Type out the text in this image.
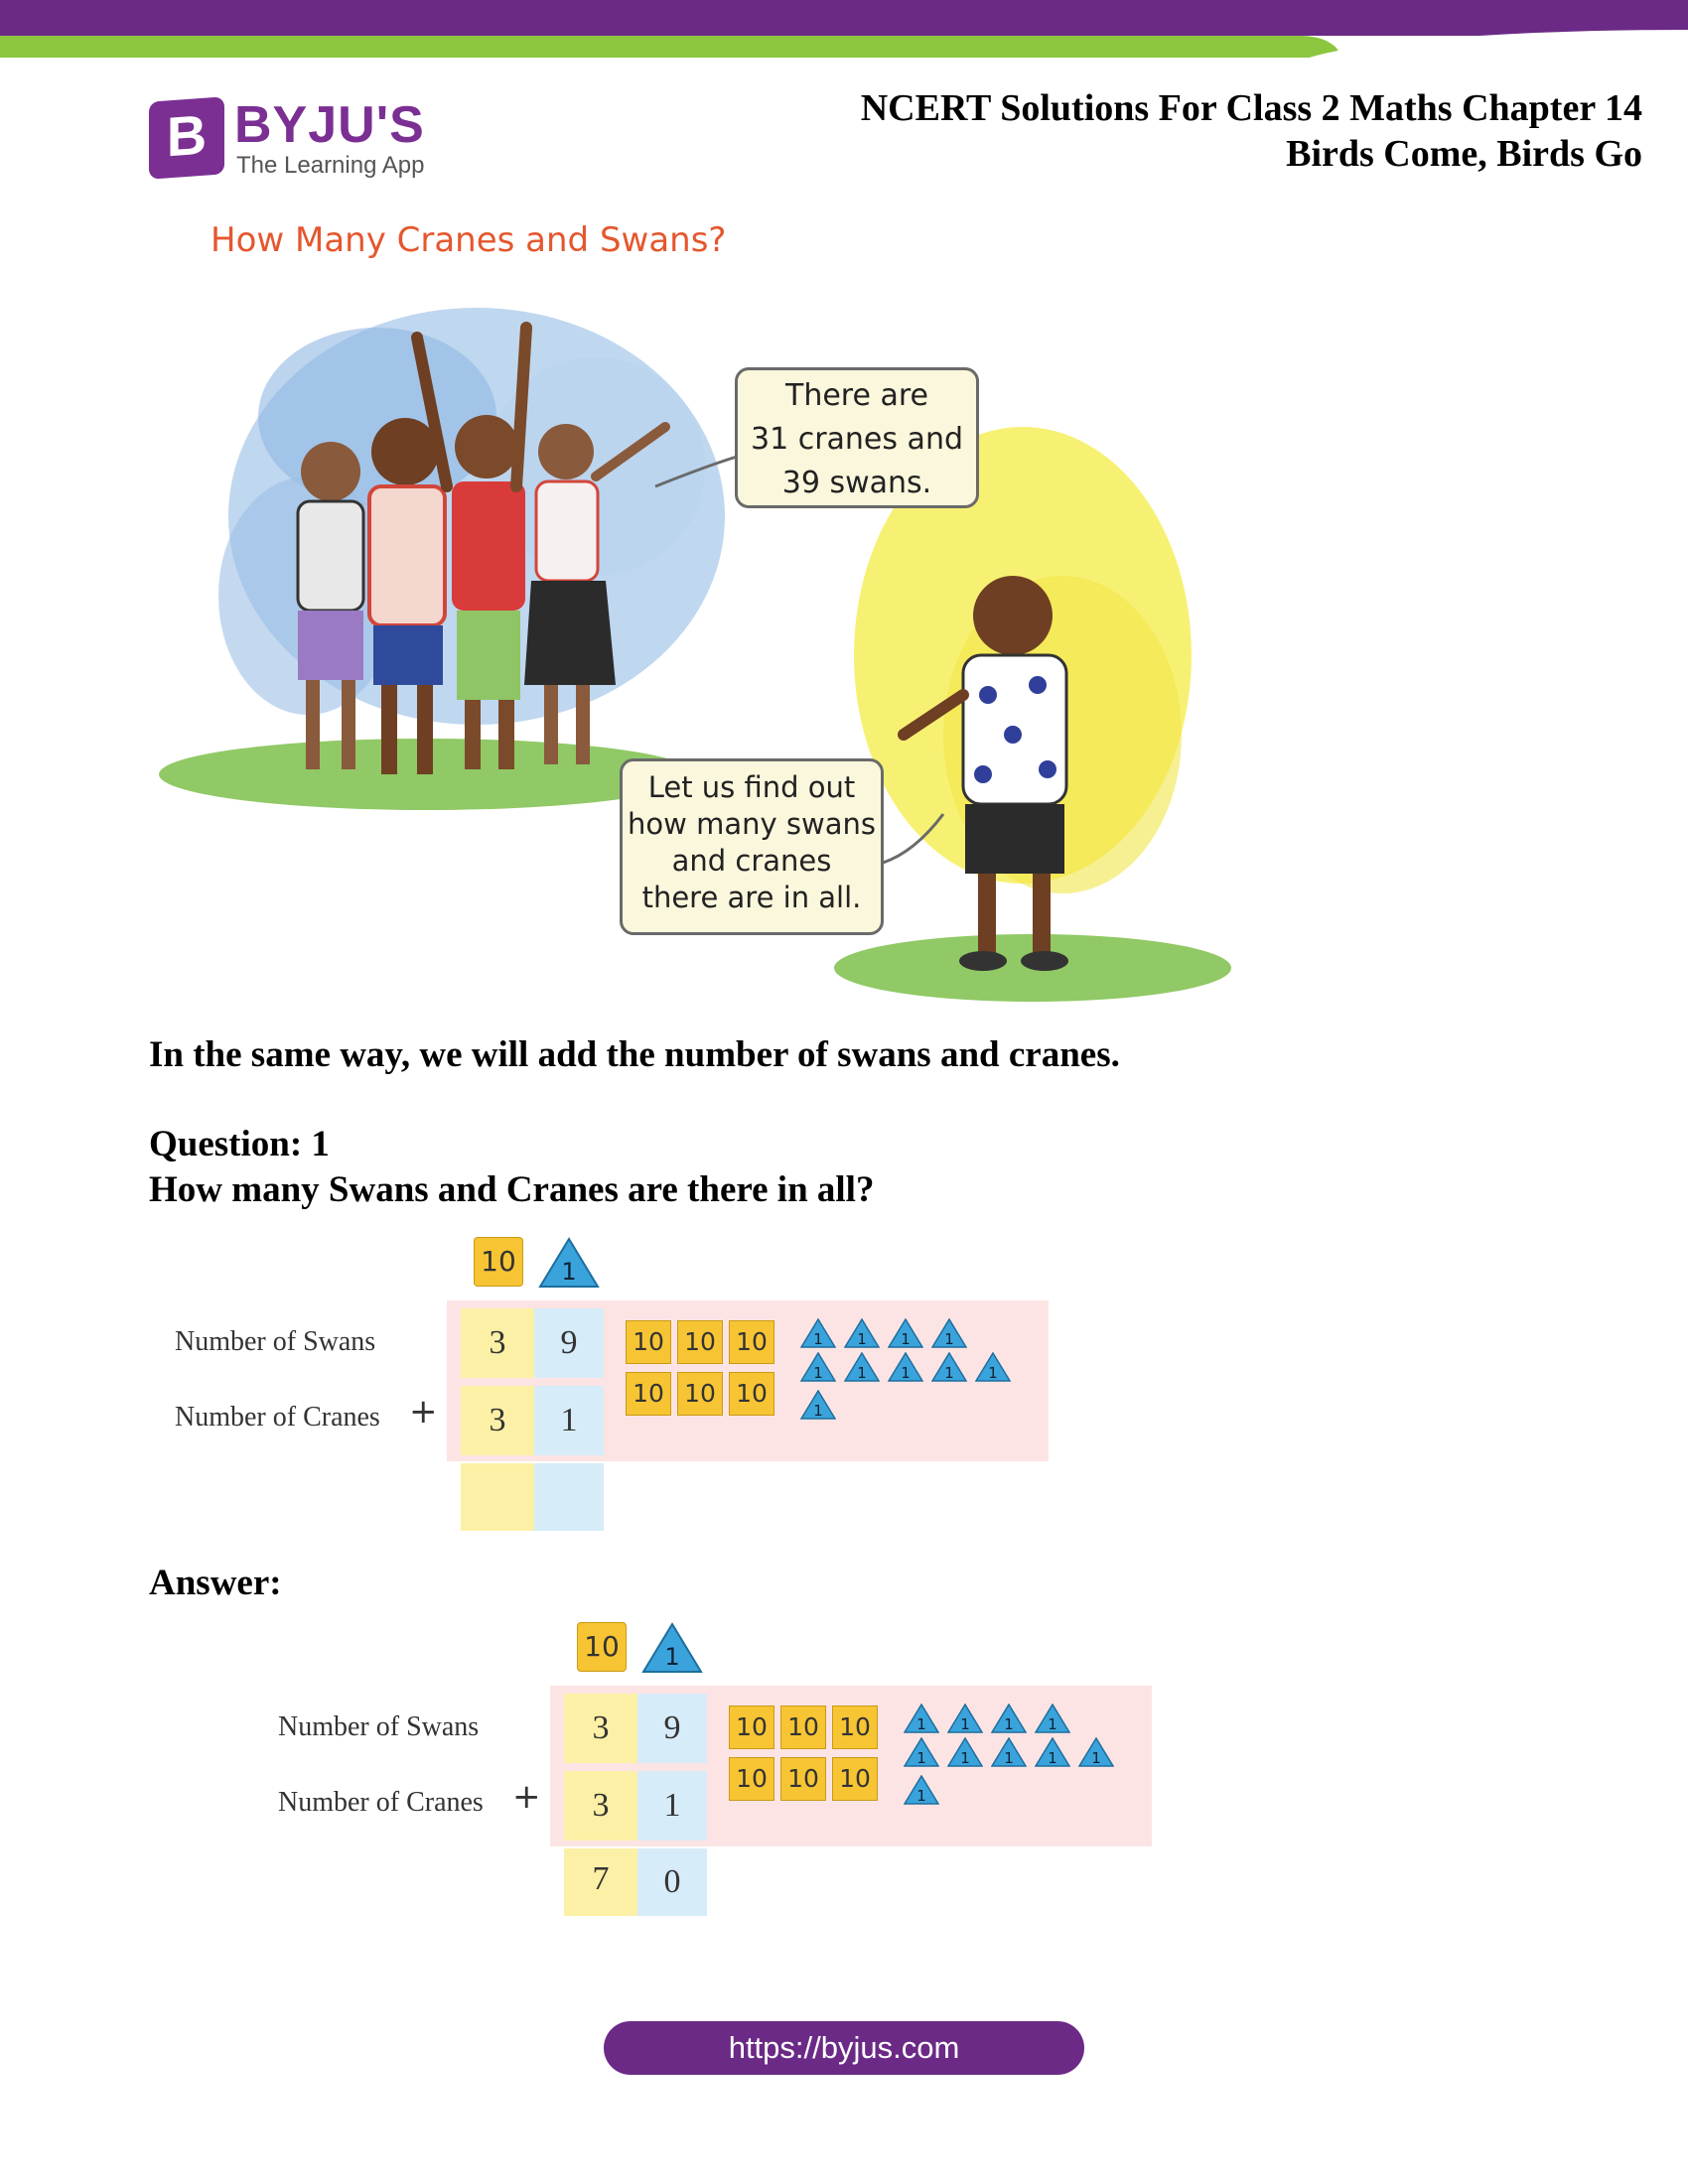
B BYJU'S
The Learning App
NCERT Solutions For Class 2 Maths Chapter 14
Birds Come, Birds Go
How Many Cranes and Swans?
There are
31 cranes and
39 swans.
Let us find out
how many swans
and cranes
there are in all.
In the same way, we will add the number of swans and cranes.
Question: 1
How many Swans and Cranes are there in all?
10 1
Number of Swans
Number of Cranes +
3	9
3	1
10 10 10
10 10 10
1 1 1 1
1 1 1 1 1
1
Answer:
10 1
Number of Swans
Number of Cranes +
3	9
3	1
7	0
10 10 10
10 10 10
1 1 1 1
1 1 1 1 1
1
https://byjus.com
